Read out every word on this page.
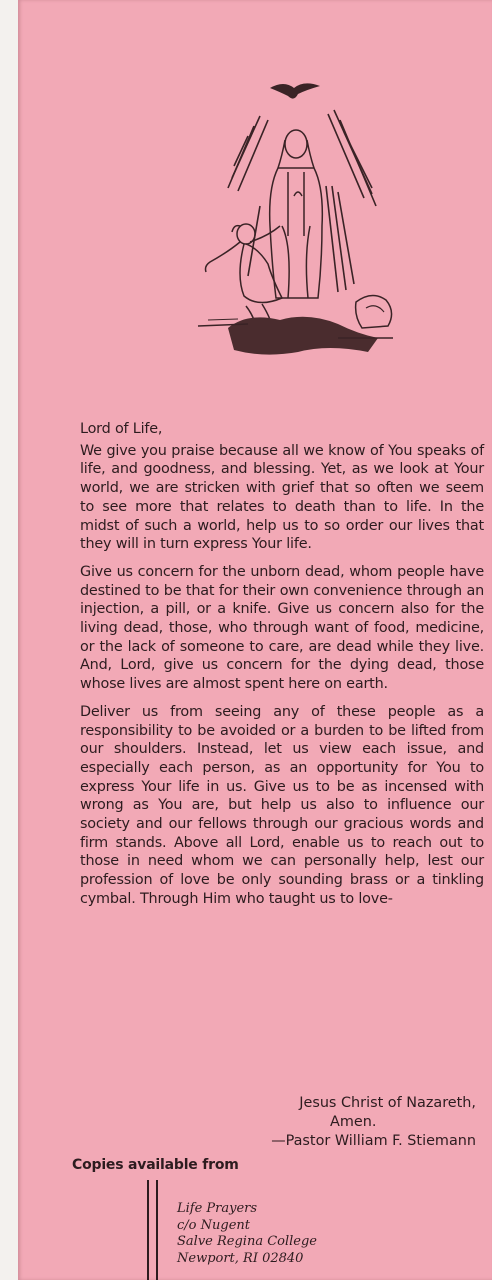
Lord of Life,

We give you praise because all we know of You speaks of life, and goodness, and blessing. Yet, as we look at Your world, we are stricken with grief that so often we seem to see more that relates to death than to life. In the midst of such a world, help us to so order our lives that they will in turn express Your life.

Give us concern for the unborn dead, whom people have destined to be that for their own convenience through an injection, a pill, or a knife. Give us concern also for the living dead, those, who through want of food, medicine, or the lack of someone to care, are dead while they live. And, Lord, give us concern for the dying dead, those whose lives are almost spent here on earth.

Deliver us from seeing any of these people as a responsibility to be avoided or a burden to be lifted from our shoulders. Instead, let us view each issue, and especially each person, as an opportunity for You to express Your life in us. Give us to be as incensed with wrong as You are, but help us also to influence our society and our fellows through our gracious words and firm stands. Above all Lord, enable us to reach out to those in need whom we can personally help, lest our profession of love be only sounding brass or a tinkling cymbal. Through Him who taught us to love-

Jesus Christ of Nazareth,
Amen.
—Pastor William F. Stiemann
Copies available from
Life Prayers
c/o Nugent
Salve Regina College
Newport, RI 02840
